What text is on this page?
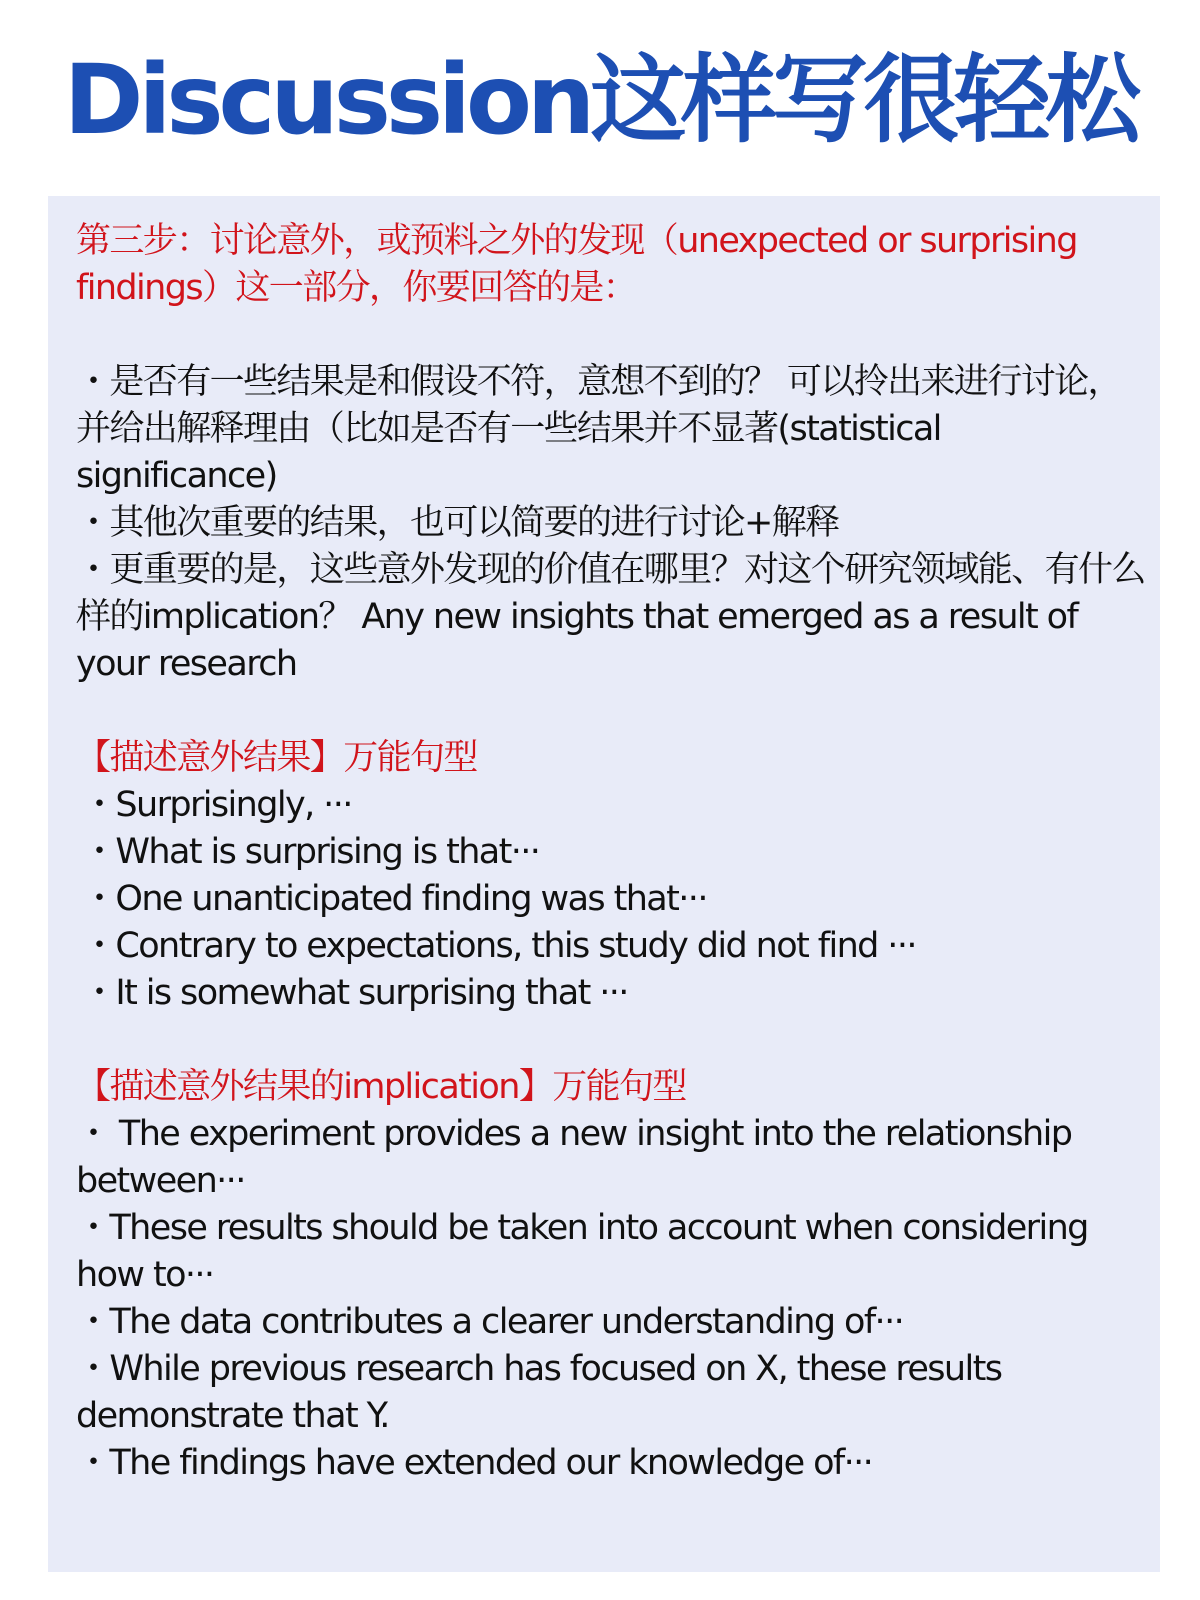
Discussion这样写很轻松

第三步：讨论意外，或预料之外的发现（unexpected or surprising findings）这一部分，你要回答的是：

・是否有一些结果是和假设不符，意想不到的？ 可以拎出来进行讨论，并给出解释理由（比如是否有一些结果并不显著(statistical significance)

・其他次重要的结果，也可以简要的进行讨论+解释

・更重要的是，这些意外发现的价值在哪里？对这个研究领域能、有什么样的implication？ Any new insights that emerged as a result of your research

【描述意外结果】万能句型

・Surprisingly, ···

・What is surprising is that···

・One unanticipated finding was that···

・Contrary to expectations, this study did not find ···

・It is somewhat surprising that ···

【描述意外结果的implication】万能句型

・ The experiment provides a new insight into the relationship between···

・These results should be taken into account when considering how to···

・The data contributes a clearer understanding of···

・While previous research has focused on X, these results demonstrate that Y.

・The findings have extended our knowledge of···
